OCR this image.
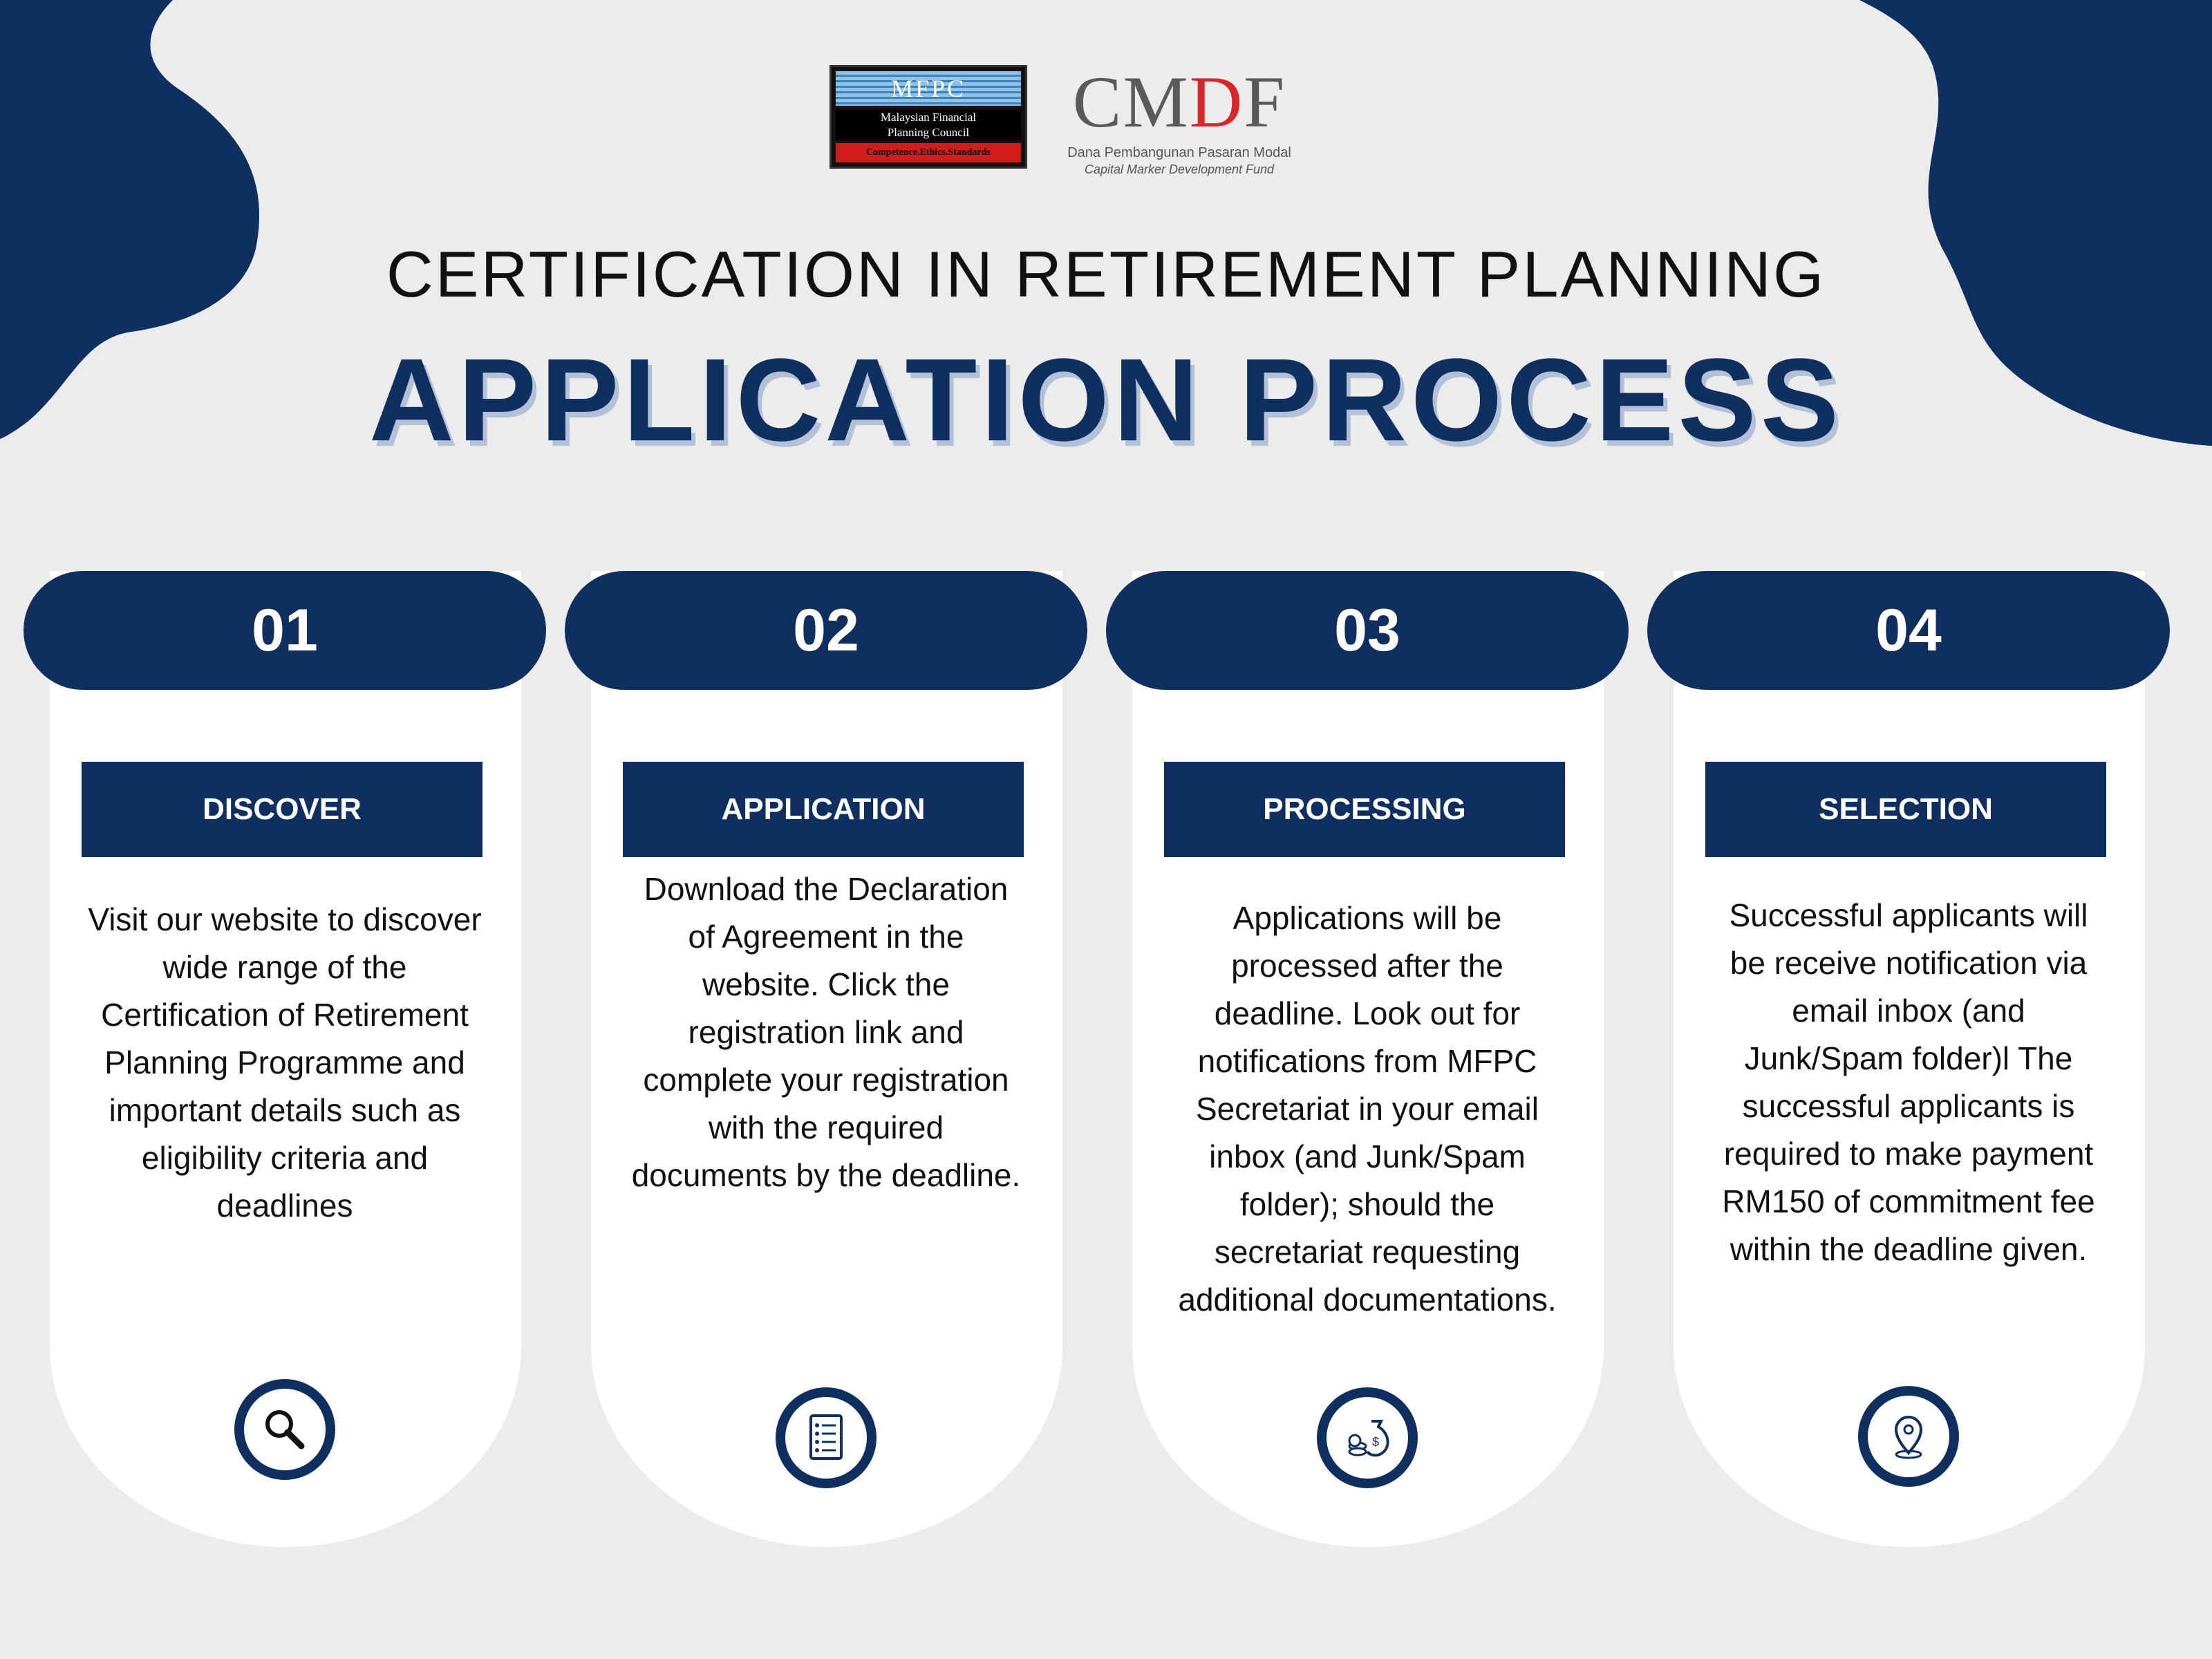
MFPC
Malaysian Financial
Planning Council
Competence.Ethics.Standards
CMDF
Dana Pembangunan Pasaran Modal
Capital Marker Development Fund
CERTIFICATION IN RETIREMENT PLANNING
APPLICATION PROCESS
01
DISCOVER
Visit our website to discover wide range of the Certification of Retirement Planning Programme and important details such as eligibility criteria and deadlines
02
APPLICATION
Download the Declaration of Agreement in the website. Click the registration link and complete your registration with the required documents by the deadline.
03
PROCESSING
Applications will be processed after the deadline. Look out for notifications from MFPC Secretariat in your email inbox (and Junk/Spam folder); should the secretariat requesting additional documentations.
$
04
SELECTION
Successful applicants will be receive notification via email inbox (and Junk/Spam folder)l The successful applicants is required to make payment RM150 of commitment fee within the deadline given.
